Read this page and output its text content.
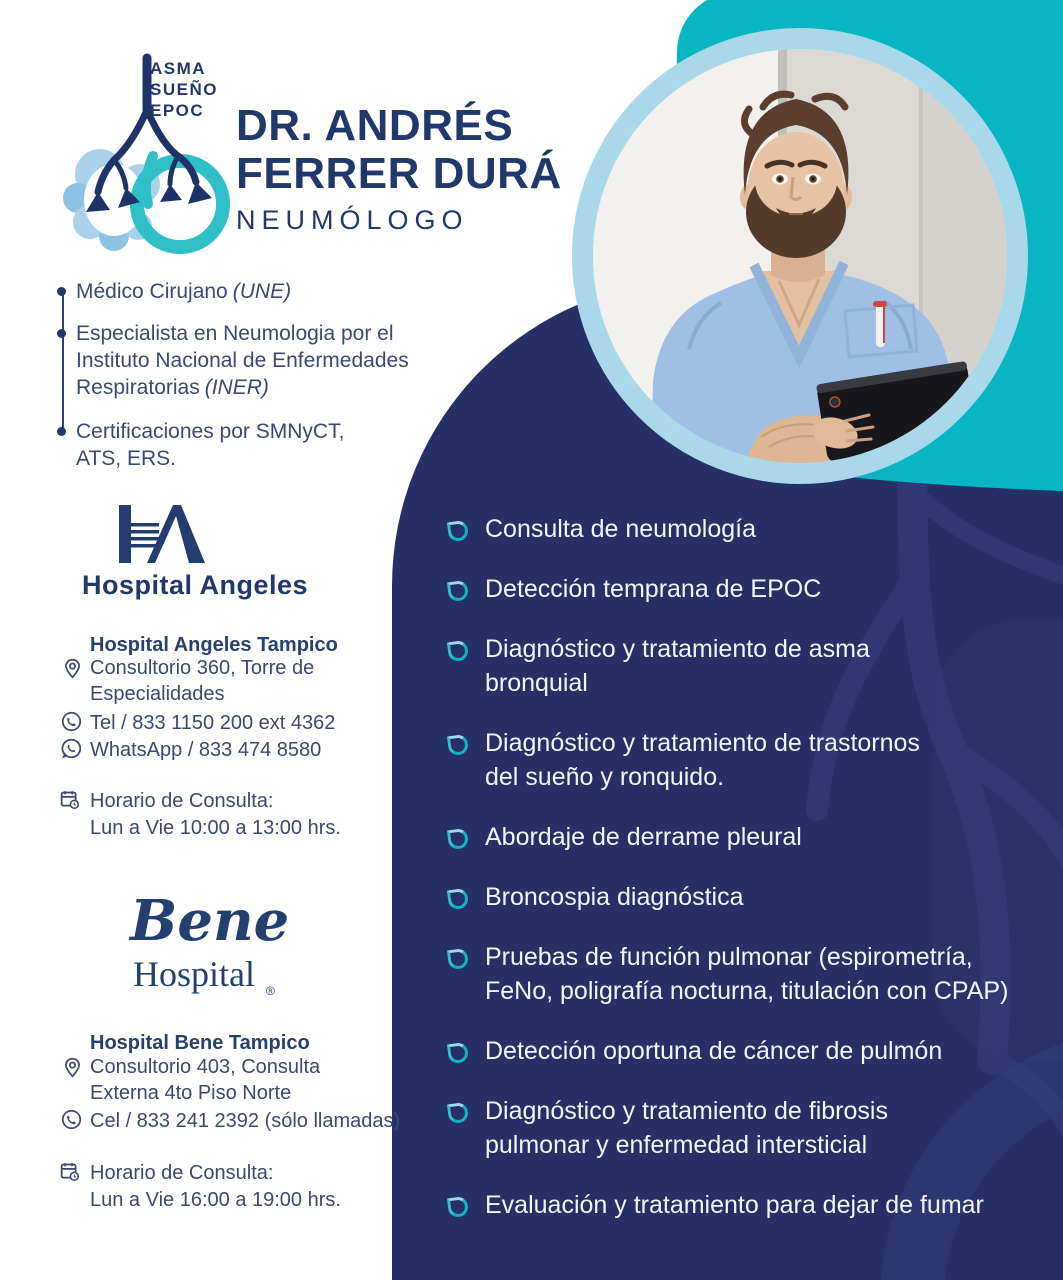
ASMA
SUEÑO
EPOC DR. ANDRÉS
FERRER DURÁ
NEUMÓLOGO
Médico Cirujano (UNE)
Especialista en Neumologia por el
Instituto Nacional de Enfermedades
Respiratorias (INER)
Certificaciones por SMNyCT,
ATS, ERS.
Hospital Angeles
Hospital Angeles Tampico
Consultorio 360, Torre de
Especialidades
Tel / 833 1150 200 ext 4362
WhatsApp / 833 474 8580
Horario de Consulta:
Lun a Vie 10:00 a 13:00 hrs.
Bene
Hospital ®
Hospital Bene Tampico
Consultorio 403, Consulta
Externa 4to Piso Norte
Cel / 833 241 2392 (sólo llamadas)
Horario de Consulta:
Lun a Vie 16:00 a 19:00 hrs.
Consulta de neumología
Detección temprana de EPOC
Diagnóstico y tratamiento de asma
bronquial
Diagnóstico y tratamiento de trastornos
del sueño y ronquido.
Abordaje de derrame pleural
Broncospia diagnóstica
Pruebas de función pulmonar (espirometría,
FeNo, poligrafía nocturna, titulación con CPAP)
Detección oportuna de cáncer de pulmón
Diagnóstico y tratamiento de fibrosis
pulmonar y enfermedad intersticial
Evaluación y tratamiento para dejar de fumar
